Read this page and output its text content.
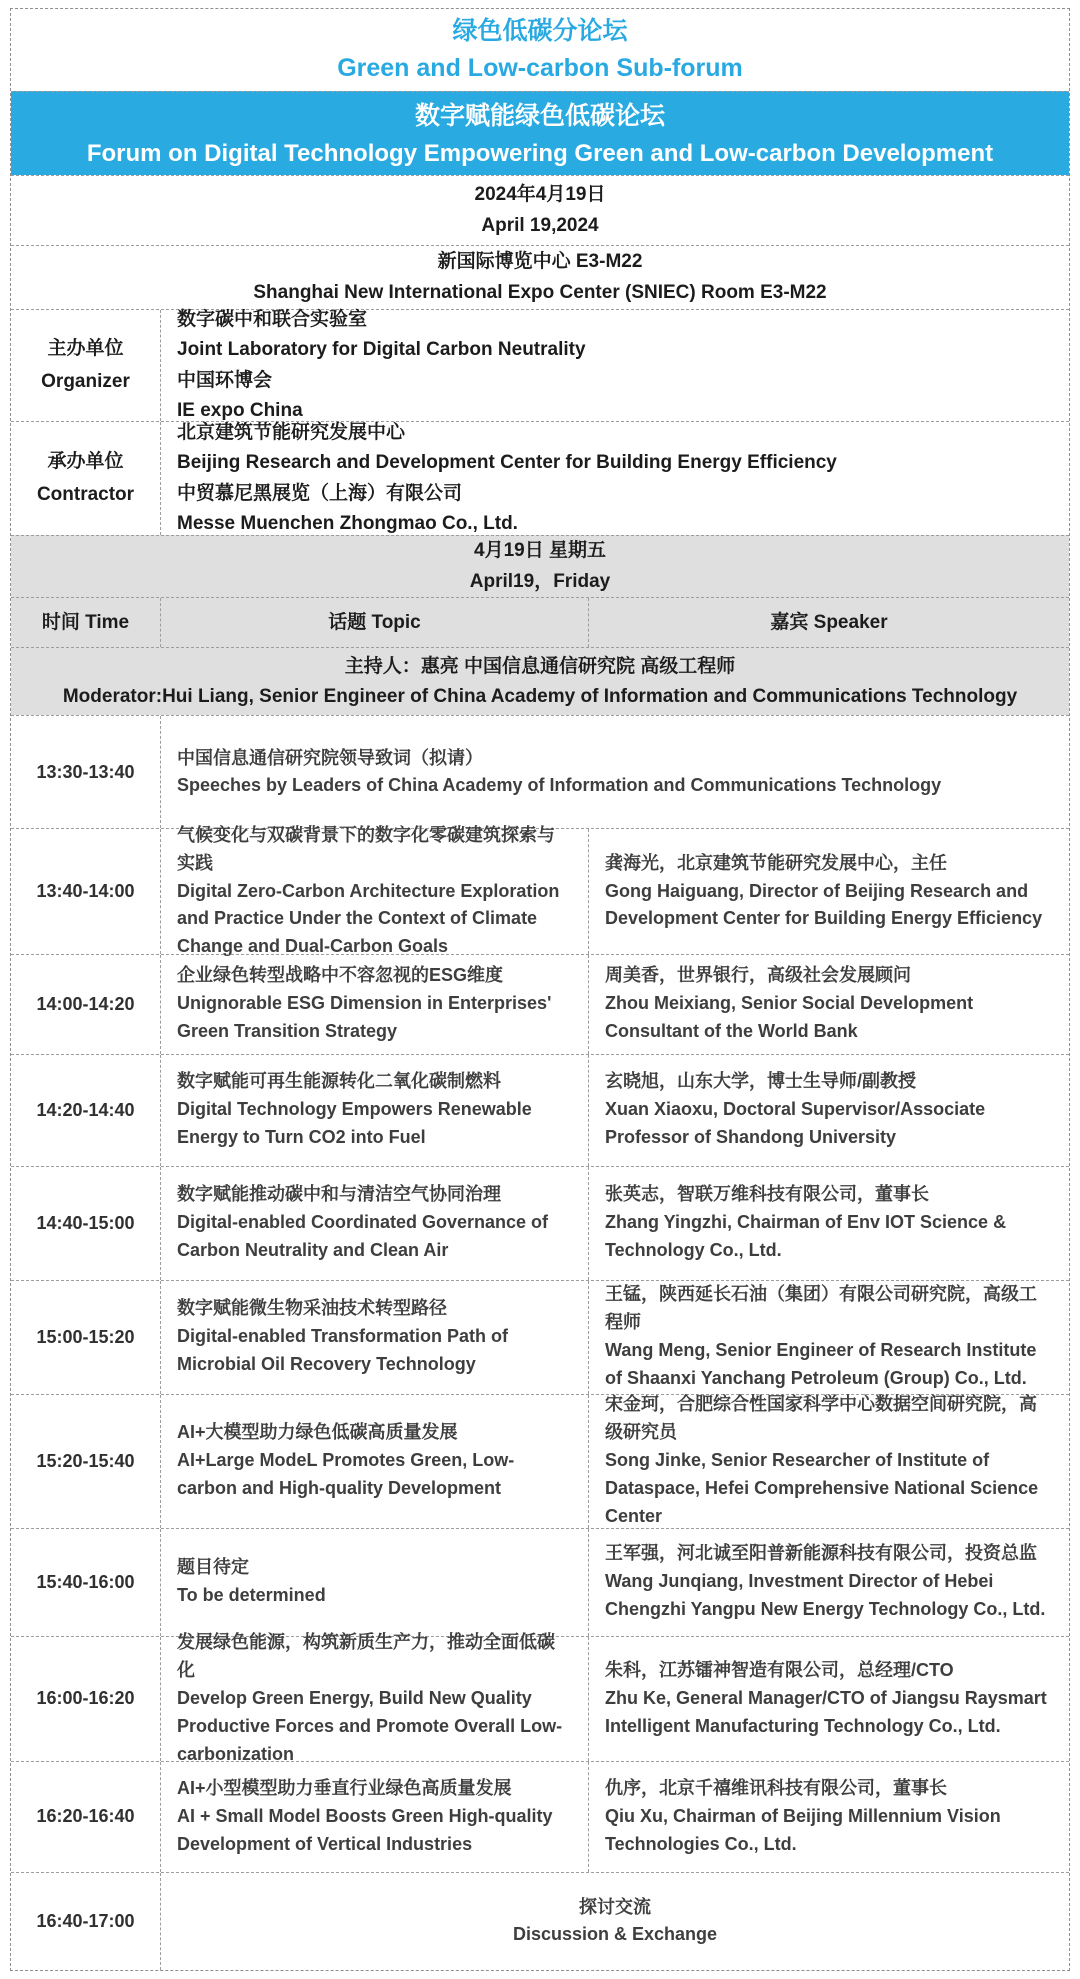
绿色低碳分论坛
Green and Low-carbon Sub-forum
数字赋能绿色低碳论坛
Forum on Digital Technology Empowering Green and Low-carbon Development
2024年4月19日
April 19,2024
新国际博览中心 E3-M22
Shanghai New International Expo Center (SNIEC) Room E3-M22
主办单位
Organizer
数字碳中和联合实验室
Joint Laboratory for Digital Carbon Neutrality
中国环博会
IE expo China
承办单位
Contractor
北京建筑节能研究发展中心
Beijing Research and Development Center for Building Energy Efficiency
中贸慕尼黑展览（上海）有限公司
Messe Muenchen Zhongmao Co., Ltd.
4月19日 星期五
April19，Friday
时间 Time	话题 Topic	嘉宾 Speaker
主持人：惠亮 中国信息通信研究院 高级工程师
Moderator:Hui Liang, Senior Engineer of China Academy of Information and Communications Technology
13:30-13:40
中国信息通信研究院领导致词（拟请）
Speeches by Leaders of China Academy of Information and Communications Technology
13:40-14:00
气候变化与双碳背景下的数字化零碳建筑探索与实践
Digital Zero-Carbon Architecture Exploration and Practice Under the Context of Climate Change and Dual-Carbon Goals
龚海光，北京建筑节能研究发展中心，主任
Gong Haiguang, Director of Beijing Research and Development Center for Building Energy Efficiency
14:00-14:20
企业绿色转型战略中不容忽视的ESG维度
Unignorable ESG Dimension in Enterprises' Green Transition Strategy
周美香，世界银行，高级社会发展顾问
Zhou Meixiang, Senior Social Development Consultant of the World Bank
14:20-14:40
数字赋能可再生能源转化二氧化碳制燃料
Digital Technology Empowers Renewable Energy to Turn CO2 into Fuel
玄晓旭，山东大学，博士生导师/副教授
Xuan Xiaoxu, Doctoral Supervisor/Associate Professor of Shandong University
14:40-15:00
数字赋能推动碳中和与清洁空气协同治理
Digital-enabled Coordinated Governance of Carbon Neutrality and Clean Air
张英志，智联万维科技有限公司，董事长
Zhang Yingzhi, Chairman of Env IOT Science & Technology Co., Ltd.
15:00-15:20
数字赋能微生物采油技术转型路径
Digital-enabled Transformation Path of Microbial Oil Recovery Technology
王锰，陕西延长石油（集团）有限公司研究院，高级工程师
Wang Meng, Senior Engineer of Research Institute of Shaanxi Yanchang Petroleum (Group) Co., Ltd.
15:20-15:40
AI+大模型助力绿色低碳高质量发展
AI+Large ModeL Promotes Green, Low-carbon and High-quality Development
宋金珂，合肥综合性国家科学中心数据空间研究院，高级研究员
Song Jinke, Senior Researcher of Institute of Dataspace, Hefei Comprehensive National Science Center
15:40-16:00
题目待定
To be determined
王军强，河北诚至阳普新能源科技有限公司，投资总监
Wang Junqiang, Investment Director of Hebei Chengzhi Yangpu New Energy Technology Co., Ltd.
16:00-16:20
发展绿色能源，构筑新质生产力，推动全面低碳化
Develop Green Energy, Build New Quality Productive Forces and Promote Overall Low-carbonization
朱科，江苏镭神智造有限公司，总经理/CTO
Zhu Ke, General Manager/CTO of Jiangsu Raysmart Intelligent Manufacturing Technology Co., Ltd.
16:20-16:40
AI+小型模型助力垂直行业绿色高质量发展
AI + Small Model Boosts Green High-quality Development of Vertical Industries
仇序，北京千禧维讯科技有限公司，董事长
Qiu Xu, Chairman of Beijing Millennium Vision Technologies Co., Ltd.
16:40-17:00
探讨交流
Discussion & Exchange
